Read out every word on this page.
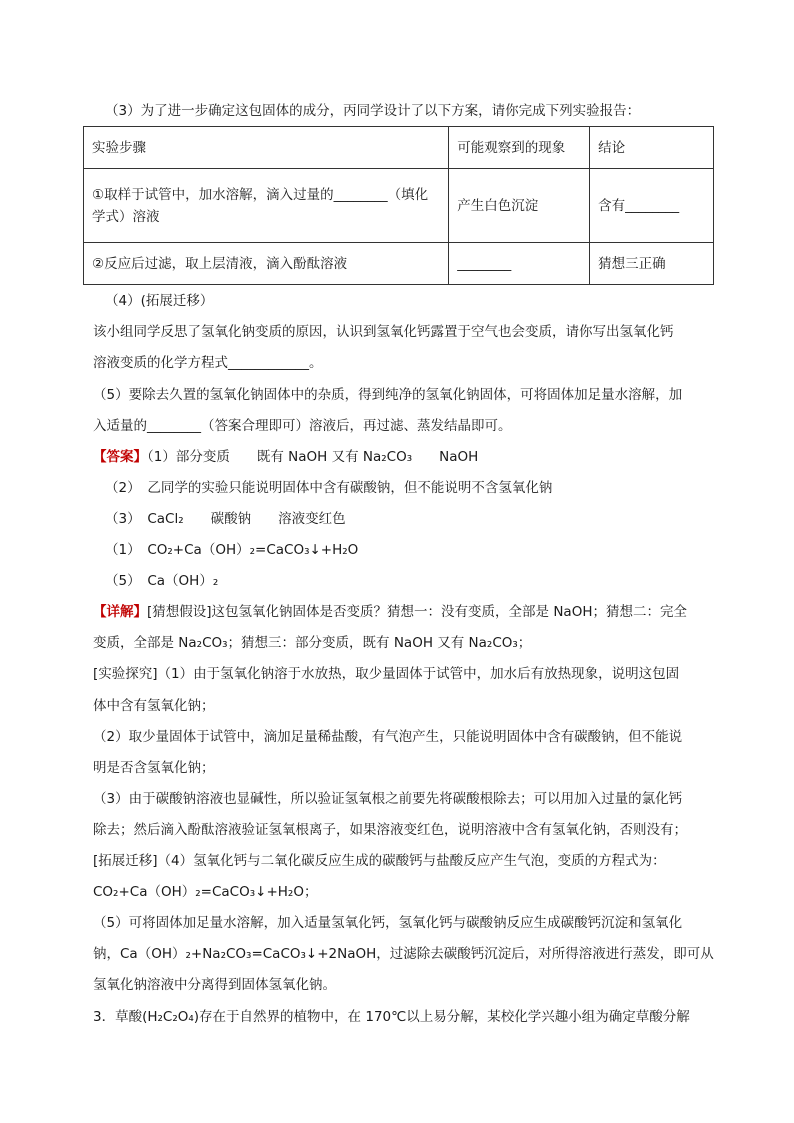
（3）为了进一步确定这包固体的成分，丙同学设计了以下方案，请你完成下列实验报告：
实验步骤	可能观察到的现象	结论

①取样于试管中，加水溶解，滴入过量的________（填化
学式）溶液	产生白色沉淀	含有________
②反应后过滤，取上层清液，滴入酚酞溶液	________	猜想三正确
（4）(拓展迁移）
该小组同学反思了氢氧化钠变质的原因，认识到氢氧化钙露置于空气也会变质，请你写出氢氧化钙
溶液变质的化学方程式____________。
（5）要除去久置的氢氧化钠固体中的杂质，得到纯净的氢氧化钠固体，可将固体加足量水溶解，加
入适量的________（答案合理即可）溶液后，再过滤、蒸发结晶即可。
【答案】（1）部分变质　　既有 NaOH 又有 Na₂CO₃　　NaOH
（2）　乙同学的实验只能说明固体中含有碳酸钠，但不能说明不含氢氧化钠
（3）　CaCl₂　　碳酸钠　　溶液变红色
（1）　CO₂+Ca（OH）₂=CaCO₃↓+H₂O
（5）　Ca（OH）₂
【详解】[猜想假设]这包氢氧化钠固体是否变质？猜想一：没有变质，全部是 NaOH；猜想二：完全
变质，全部是 Na₂CO₃；猜想三：部分变质，既有 NaOH 又有 Na₂CO₃；
[实验探究]（1）由于氢氧化钠溶于水放热，取少量固体于试管中，加水后有放热现象，说明这包固
体中含有氢氧化钠；
（2）取少量固体于试管中，滴加足量稀盐酸，有气泡产生，只能说明固体中含有碳酸钠，但不能说
明是否含氢氧化钠；
（3）由于碳酸钠溶液也显碱性，所以验证氢氧根之前要先将碳酸根除去；可以用加入过量的氯化钙
除去；然后滴入酚酞溶液验证氢氧根离子，如果溶液变红色，说明溶液中含有氢氧化钠，否则没有；
[拓展迁移]（4）氢氧化钙与二氧化碳反应生成的碳酸钙与盐酸反应产生气泡，变质的方程式为：
CO₂+Ca（OH）₂=CaCO₃↓+H₂O；
（5）可将固体加足量水溶解，加入适量氢氧化钙，氢氧化钙与碳酸钠反应生成碳酸钙沉淀和氢氧化
钠，Ca（OH）₂+Na₂CO₃=CaCO₃↓+2NaOH，过滤除去碳酸钙沉淀后，对所得溶液进行蒸发，即可从
氢氧化钠溶液中分离得到固体氢氧化钠。
3．草酸(H₂C₂O₄)存在于自然界的植物中，在 170℃以上易分解，某校化学兴趣小组为确定草酸分解
